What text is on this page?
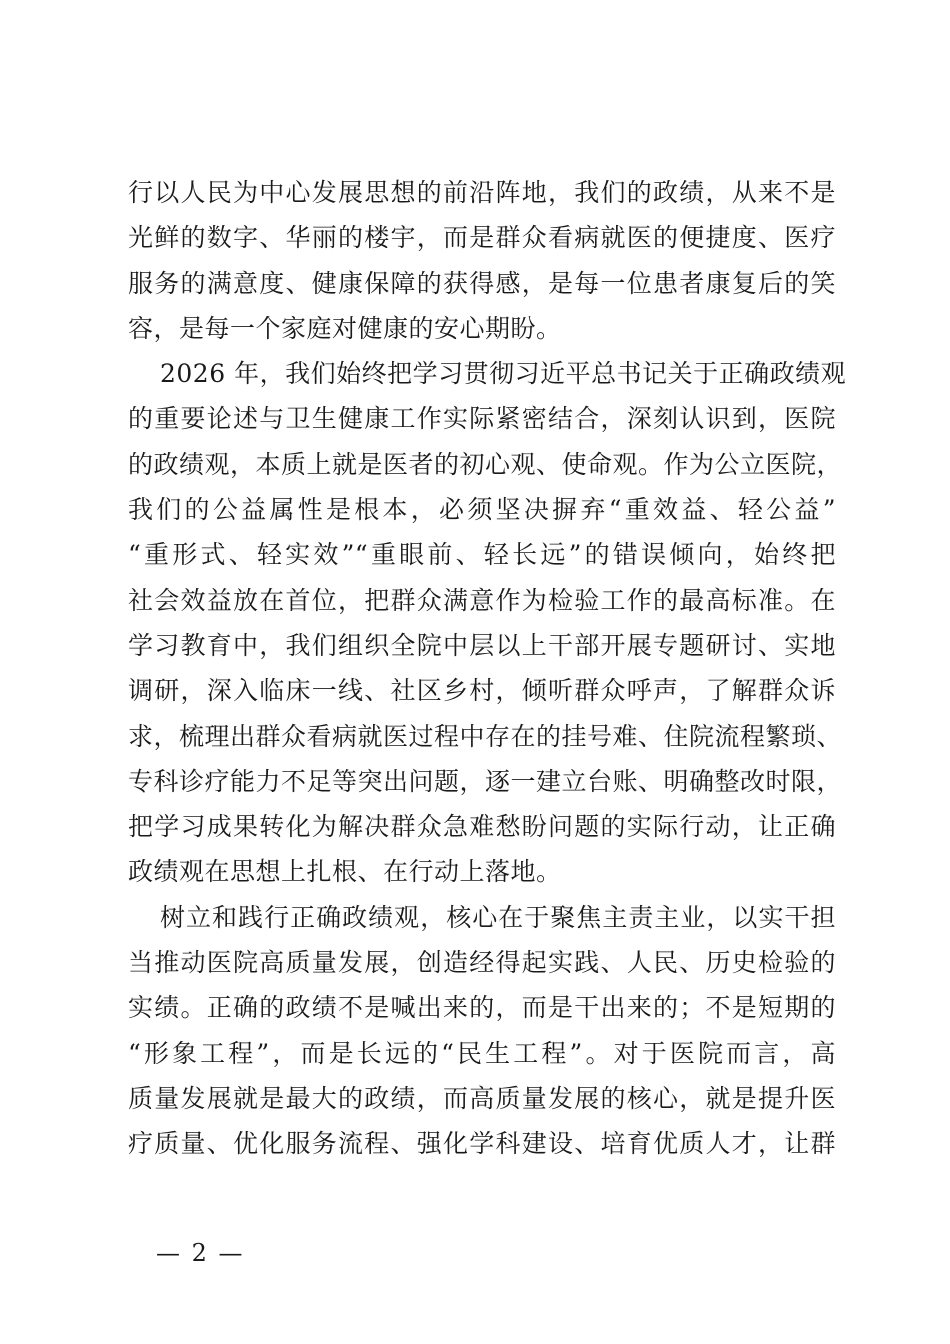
行以人民为中心发展思想的前沿阵地，我们的政绩，从来不是
光鲜的数字、华丽的楼宇，而是群众看病就医的便捷度、医疗
服务的满意度、健康保障的获得感，是每一位患者康复后的笑
容，是每一个家庭对健康的安心期盼。
2026 年，我们始终把学习贯彻习近平总书记关于正确政绩观
的重要论述与卫生健康工作实际紧密结合，深刻认识到，医院
的政绩观，本质上就是医者的初心观、使命观。作为公立医院，
我们的公益属性是根本，必须坚决摒弃“重效益、轻公益”
“重形式、轻实效”“重眼前、轻长远”的错误倾向，始终把
社会效益放在首位，把群众满意作为检验工作的最高标准。在
学习教育中，我们组织全院中层以上干部开展专题研讨、实地
调研，深入临床一线、社区乡村，倾听群众呼声，了解群众诉
求，梳理出群众看病就医过程中存在的挂号难、住院流程繁琐、
专科诊疗能力不足等突出问题，逐一建立台账、明确整改时限，
把学习成果转化为解决群众急难愁盼问题的实际行动，让正确
政绩观在思想上扎根、在行动上落地。
树立和践行正确政绩观，核心在于聚焦主责主业，以实干担
当推动医院高质量发展，创造经得起实践、人民、历史检验的
实绩。正确的政绩不是喊出来的，而是干出来的；不是短期的
“形象工程”，而是长远的“民生工程”。对于医院而言，高
质量发展就是最大的政绩，而高质量发展的核心，就是提升医
疗质量、优化服务流程、强化学科建设、培育优质人才，让群
— 2 —
